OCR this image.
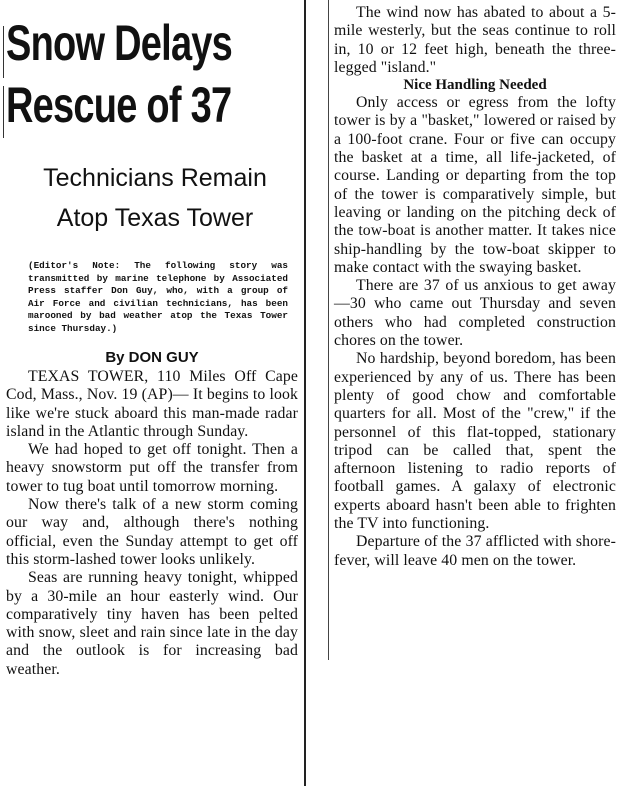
Snow Delays
Rescue of 37
Technicians Remain
Atop Texas Tower
(Editor's Note: The following story was transmitted by marine telephone by Associated Press staffer Don Guy, who, with a group of Air Force and civilian technicians, has been marooned by bad weather atop the Texas Tower since Thursday.)
By DON GUY

TEXAS TOWER, 110 Miles Off Cape Cod, Mass., Nov. 19 (AP)— It begins to look like we're stuck aboard this man-made radar island in the Atlantic through Sunday.

We had hoped to get off tonight. Then a heavy snowstorm put off the transfer from tower to tug boat until tomorrow morning.

Now there's talk of a new storm coming our way and, although there's nothing official, even the Sunday attempt to get off this storm-lashed tower looks unlikely.

Seas are running heavy tonight, whipped by a 30-mile an hour easterly wind. Our comparatively tiny haven has been pelted with snow, sleet and rain since late in the day and the outlook is for increasing bad weather.

The wind now has abated to about a 5-mile westerly, but the seas continue to roll in, 10 or 12 feet high, beneath the three-legged "island."

Nice Handling Needed

Only access or egress from the lofty tower is by a "basket," lowered or raised by a 100-foot crane. Four or five can occupy the basket at a time, all life-jacketed, of course. Landing or departing from the top of the tower is comparatively simple, but leaving or landing on the pitching deck of the tow-boat is another matter. It takes nice ship-handling by the tow-boat skipper to make contact with the swaying basket.

There are 37 of us anxious to get away—30 who came out Thursday and seven others who had completed construction chores on the tower.

No hardship, beyond boredom, has been experienced by any of us. There has been plenty of good chow and comfortable quarters for all. Most of the "crew," if the personnel of this flat-topped, stationary tripod can be called that, spent the afternoon listening to radio reports of football games. A galaxy of electronic experts aboard hasn't been able to frighten the TV into functioning.

Departure of the 37 afflicted with shore-fever, will leave 40 men on the tower.
